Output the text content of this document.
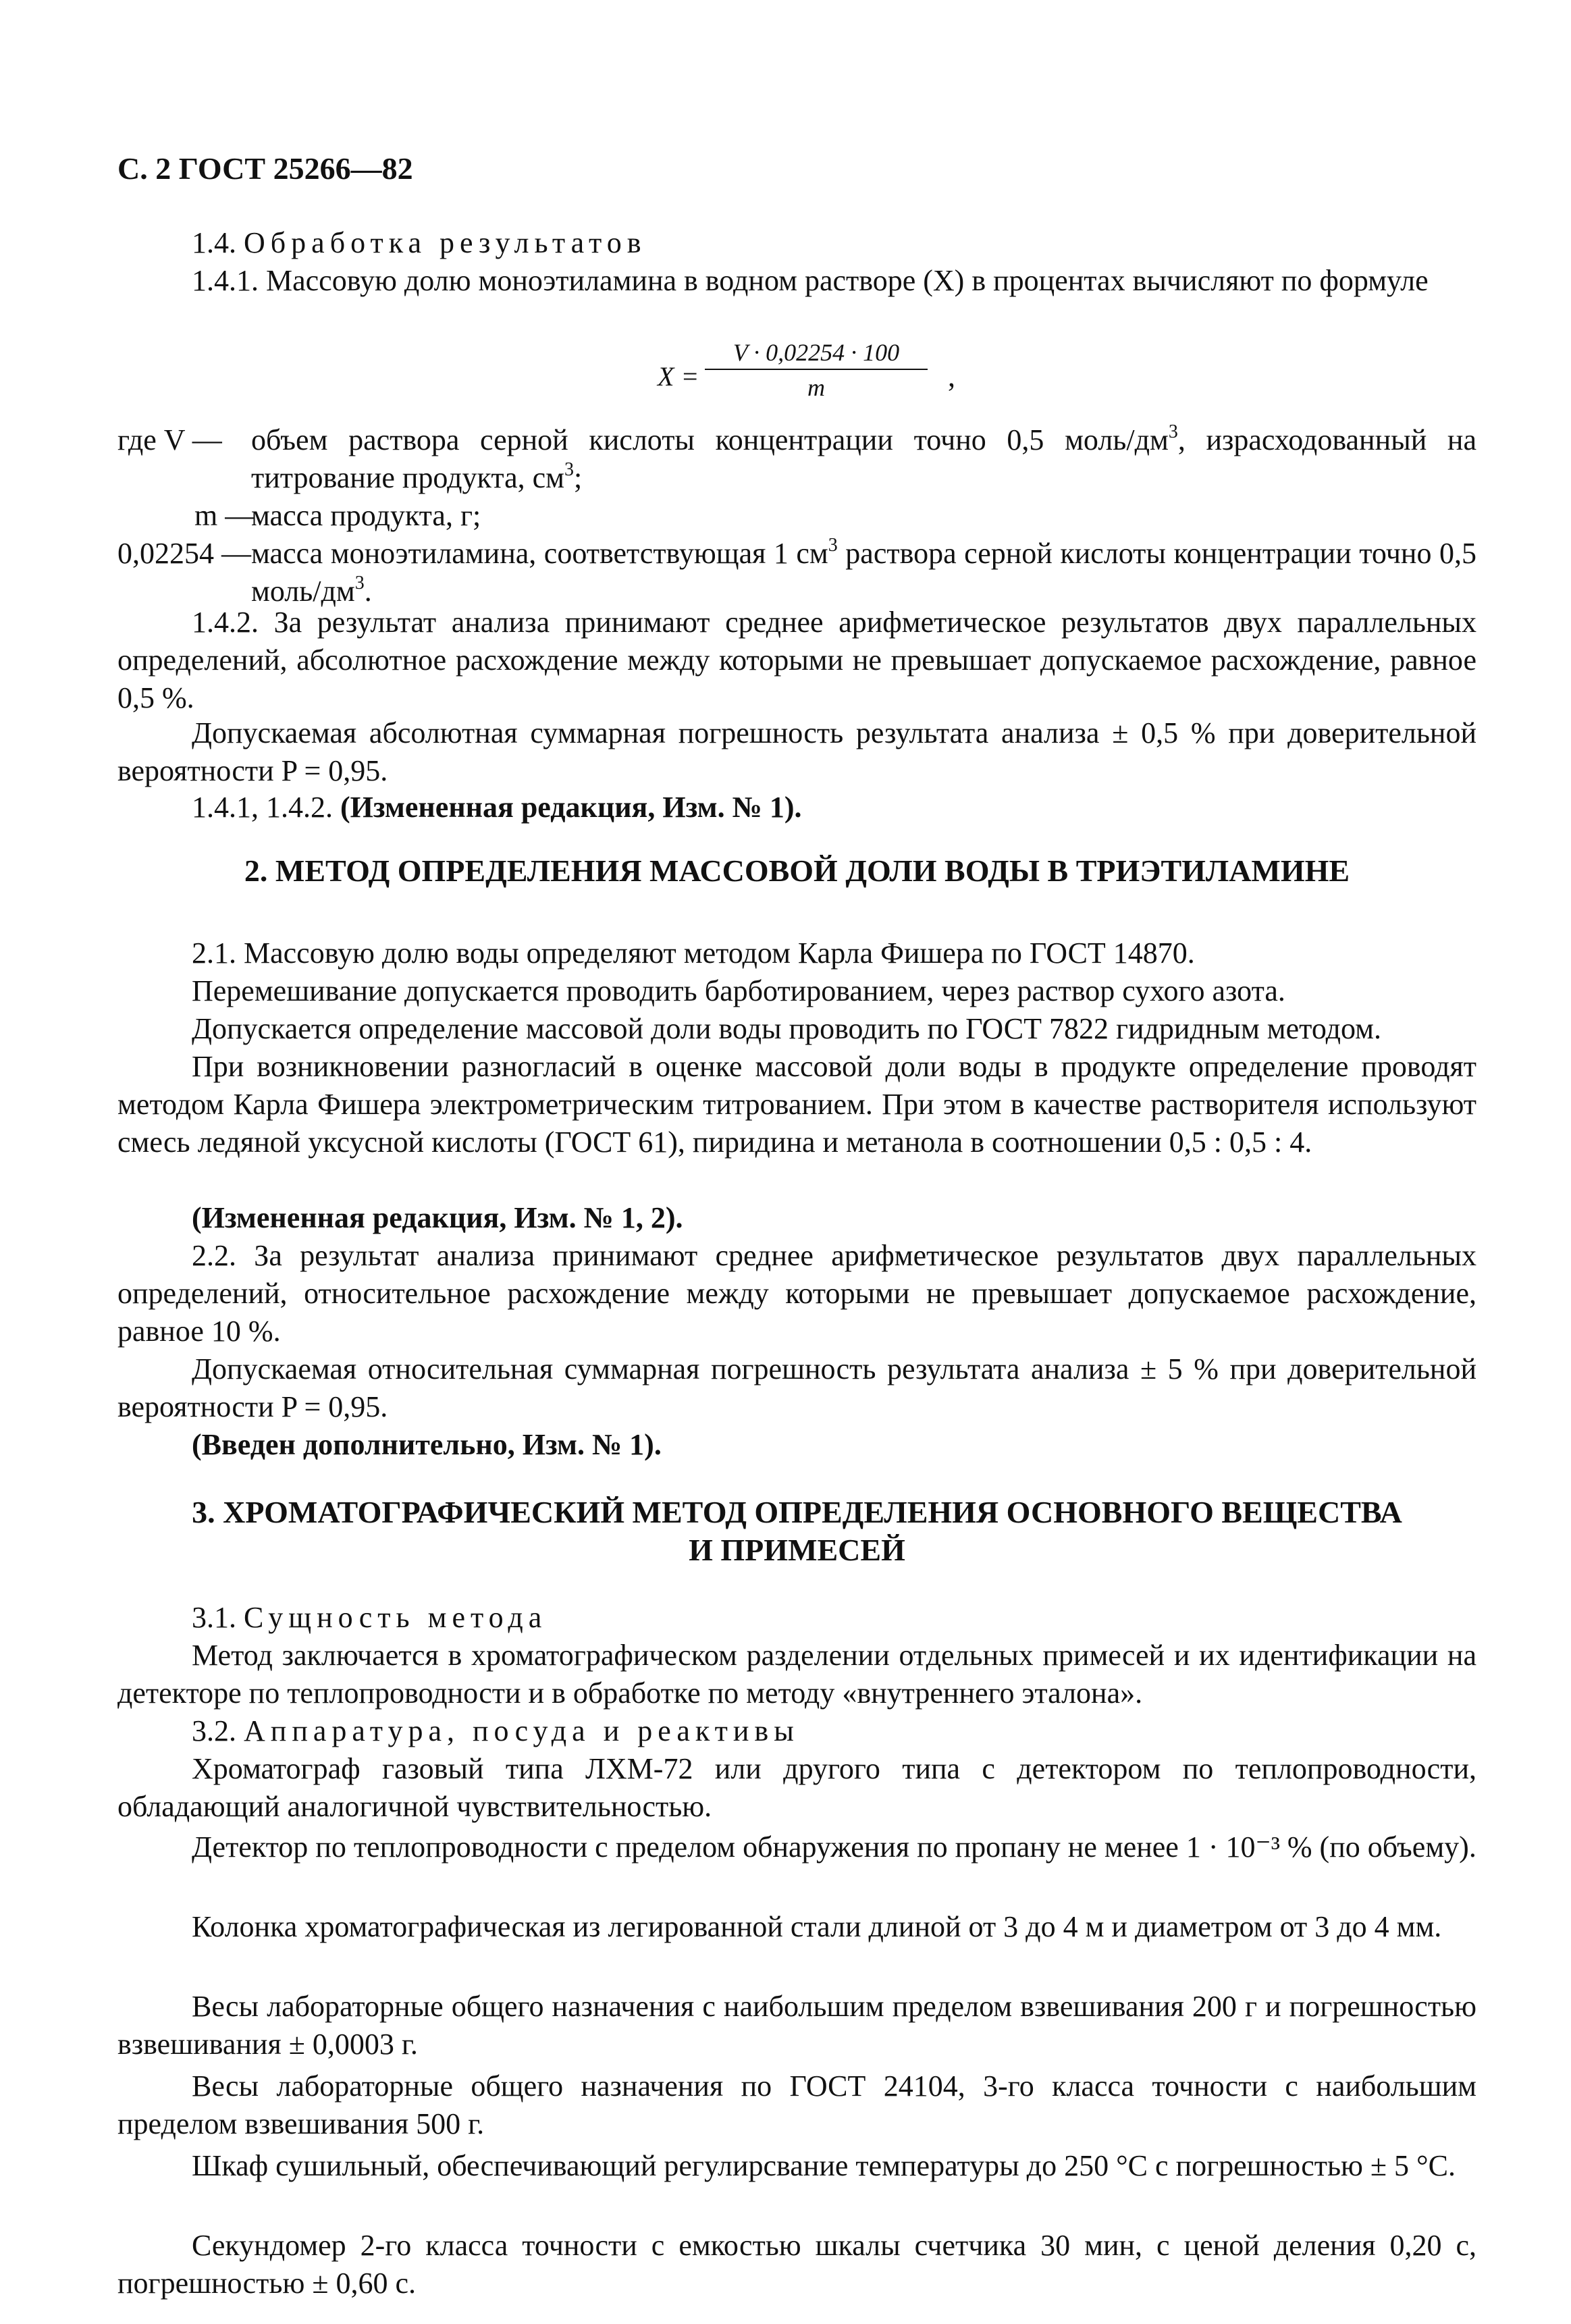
С. 2 ГОСТ 25266—82
1.4. Обработка результатов
1.4.1. Массовую долю моноэтиламина в водном растворе (X) в процентах вычисляют по формуле
X =
V · 0,02254 · 100
m	,
где V — объем раствора серной кислоты концентрации точно 0,5 моль/$дм^3$, израсходованный на титрование продукта, $см^3$;
m —
масса продукта, г;
0,02254 — масса моноэтиламина, соответствующая 1 $см^3$ раствора серной кислоты концентрации точно 0,5 моль/$дм^3$.
1.4.2. За результат анализа принимают среднее арифметическое результатов двух параллельных определений, абсолютное расхождение между которыми не превышает допускаемое расхождение, равное 0,5 %.
Допускаемая абсолютная суммарная погрешность результата анализа ± 0,5 % при доверительной вероятности P = 0,95.
1.4.1, 1.4.2. (Измененная редакция, Изм. № 1).
2. МЕТОД ОПРЕДЕЛЕНИЯ МАССОВОЙ ДОЛИ ВОДЫ В ТРИЭТИЛАМИНЕ
2.1. Массовую долю воды определяют методом Карла Фишера по ГОСТ 14870.
Перемешивание допускается проводить барботированием, через раствор сухого азота.
Допускается определение массовой доли воды проводить по ГОСТ 7822 гидридным методом.
При возникновении разногласий в оценке массовой доли воды в продукте определение проводят методом Карла Фишера электрометрическим титрованием. При этом в качестве растворителя используют смесь ледяной уксусной кислоты (ГОСТ 61), пиридина и метанола в соотношении 0,5 : 0,5 : 4.
(Измененная редакция, Изм. № 1, 2).
2.2. За результат анализа принимают среднее арифметическое результатов двух параллельных определений, относительное расхождение между которыми не превышает допускаемое расхождение, равное 10 %.
Допускаемая относительная суммарная погрешность результата анализа ± 5 % при доверительной вероятности P = 0,95.
(Введен дополнительно, Изм. № 1).
3. ХРОМАТОГРАФИЧЕСКИЙ МЕТОД ОПРЕДЕЛЕНИЯ ОСНОВНОГО ВЕЩЕСТВА
И ПРИМЕСЕЙ
3.1. Сущность метода
Метод заключается в хроматографическом разделении отдельных примесей и их идентификации на детекторе по теплопроводности и в обработке по методу «внутреннего эталона».
3.2. Аппаратура, посуда и реактивы
Хроматограф газовый типа ЛХМ-72 или другого типа с детектором по теплопроводности, обладающий аналогичной чувствительностью.
Детектор по теплопроводности с пределом обнаружения по пропану не менее 1 · 10⁻³ % (по объему).
Колонка хроматографическая из легированной стали длиной от 3 до 4 м и диаметром от 3 до 4 мм.
Весы лабораторные общего назначения с наибольшим пределом взвешивания 200 г и погрешностью взвешивания ± 0,0003 г.
Весы лабораторные общего назначения по ГОСТ 24104, 3-го класса точности с наибольшим пределом взвешивания 500 г.
Шкаф сушильный, обеспечивающий регулирсвание температуры до 250 °С с погрешностью ± 5 °С.
Секундомер 2-го класса точности с емкостью шкалы счетчика 30 мин, с ценой деления 0,20 с, погрешностью ± 0,60 с.
